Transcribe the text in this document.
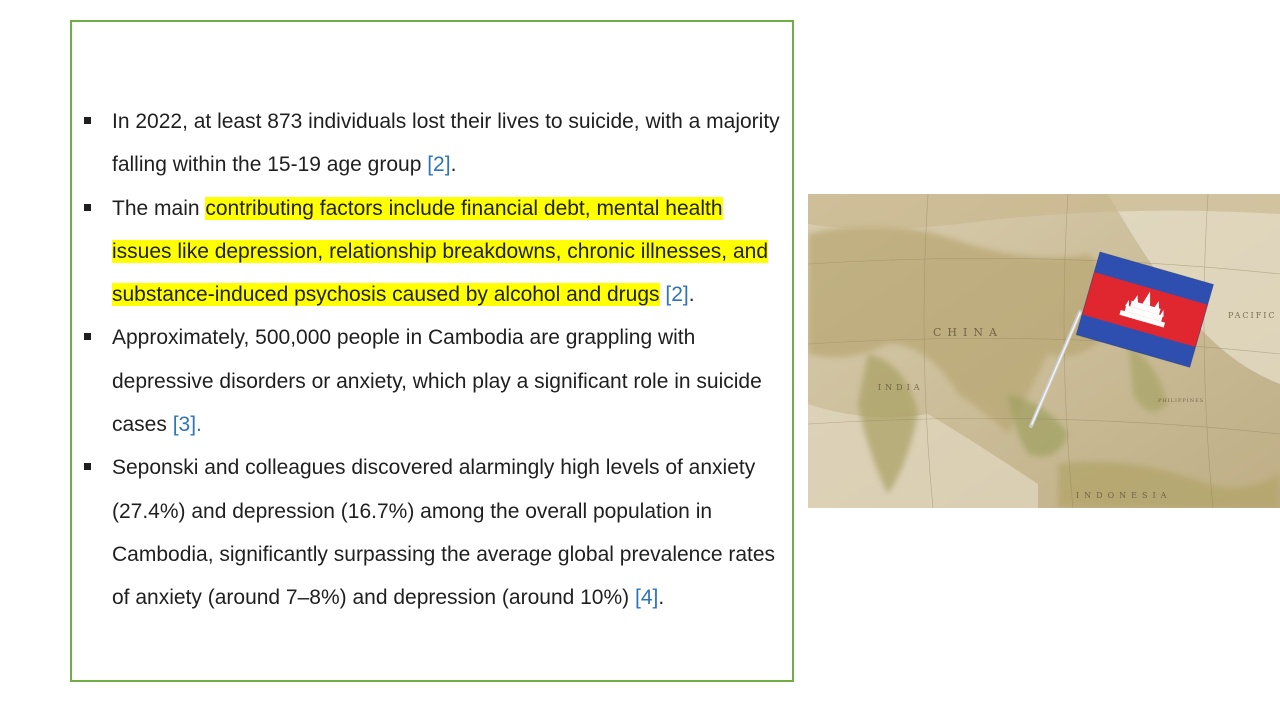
In 2022, at least 873 individuals lost their lives to suicide, with a majority falling within the 15-19 age group [2].
The main contributing factors include financial debt, mental health issues like depression, relationship breakdowns, chronic illnesses, and substance-induced psychosis caused by alcohol and drugs [2].
Approximately, 500,000 people in Cambodia are grappling with depressive disorders or anxiety, which play a significant role in suicide cases [3].
Seponski and colleagues discovered alarmingly high levels of anxiety (27.4%) and depression (16.7%) among the overall population in Cambodia, significantly surpassing the average global prevalence rates of anxiety (around 7–8%) and depression (around 10%) [4].
CHINA
INDIA
INDONESIA
PACIFIC
PHILIPPINES
